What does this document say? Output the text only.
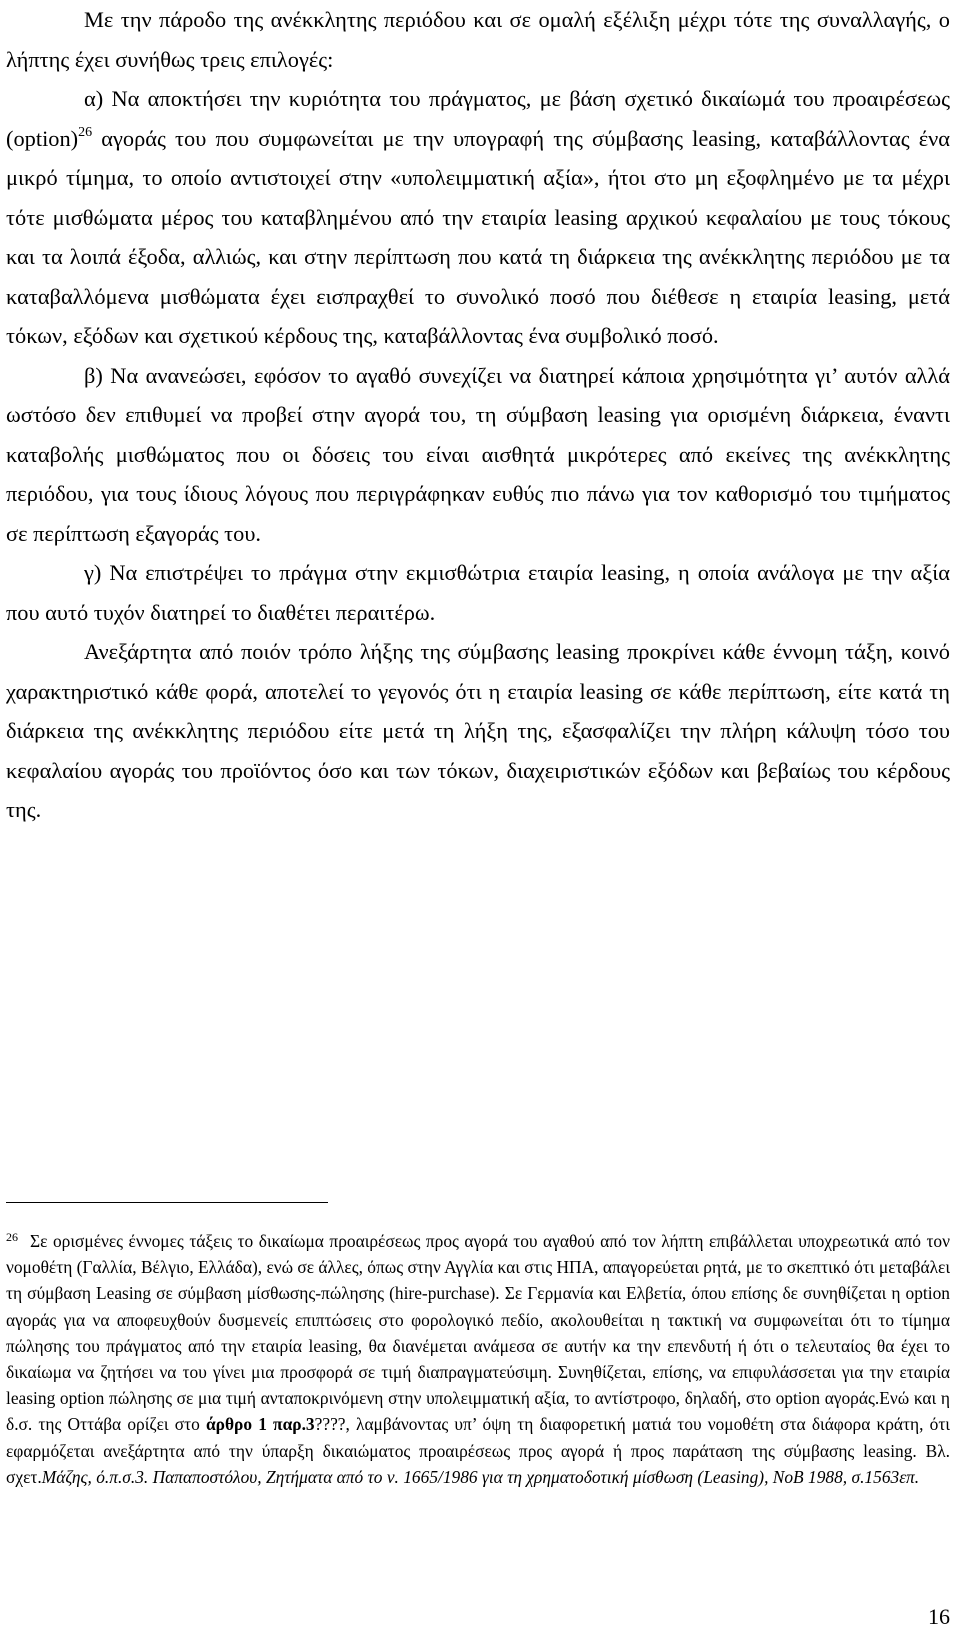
Με την πάροδο της ανέκκλητης περιόδου και σε ομαλή εξέλιξη μέχρι τότε της συναλλαγής, ο λήπτης έχει συνήθως τρεις επιλογές:

α) Να αποκτήσει την κυριότητα του πράγματος, με βάση σχετικό δικαίωμά του προαιρέσεως (option)$^{26}$ αγοράς του που συμφωνείται με την υπογραφή της σύμβασης leasing, καταβάλλοντας ένα μικρό τίμημα, το οποίο αντιστοιχεί στην «υπολειμματική αξία», ήτοι στο μη εξοφλημένο με τα μέχρι τότε μισθώματα μέρος του καταβλημένου από την εταιρία leasing αρχικού κεφαλαίου με τους τόκους και τα λοιπά έξοδα, αλλιώς, και στην περίπτωση που κατά τη διάρκεια της ανέκκλητης περιόδου με τα καταβαλλόμενα μισθώματα έχει εισπραχθεί το συνολικό ποσό που διέθεσε η εταιρία leasing, μετά τόκων, εξόδων και σχετικού κέρδους της, καταβάλλοντας ένα συμβολικό ποσό.

β) Να ανανεώσει, εφόσον το αγαθό συνεχίζει να διατηρεί κάποια χρησιμότητα γι’ αυτόν αλλά ωστόσο δεν επιθυμεί να προβεί στην αγορά του, τη σύμβαση leasing για ορισμένη διάρκεια, έναντι καταβολής μισθώματος που οι δόσεις του είναι αισθητά μικρότερες από εκείνες της ανέκκλητης περιόδου, για τους ίδιους λόγους που περιγράφηκαν ευθύς πιο πάνω για τον καθορισμό του τιμήματος σε περίπτωση εξαγοράς του.

γ) Να επιστρέψει το πράγμα στην εκμισθώτρια εταιρία leasing, η οποία ανάλογα με την αξία που αυτό τυχόν διατηρεί το διαθέτει περαιτέρω.

Ανεξάρτητα από ποιόν τρόπο λήξης της σύμβασης leasing προκρίνει κάθε έννομη τάξη, κοινό χαρακτηριστικό κάθε φορά, αποτελεί το γεγονός ότι η εταιρία leasing σε κάθε περίπτωση, είτε κατά τη διάρκεια της ανέκκλητης περιόδου είτε μετά τη λήξη της, εξασφαλίζει την πλήρη κάλυψη τόσο του κεφαλαίου αγοράς του προϊόντος όσο και των τόκων, διαχειριστικών εξόδων και βεβαίως του κέρδους της.

$^{26}$ Σε ορισμένες έννομες τάξεις το δικαίωμα προαιρέσεως προς αγορά του αγαθού από τον λήπτη επιβάλλεται υποχρεωτικά από τον νομοθέτη (Γαλλία, Βέλγιο, Ελλάδα), ενώ σε άλλες, όπως στην Αγγλία και στις ΗΠΑ, απαγορεύεται ρητά, με το σκεπτικό ότι μεταβάλει τη σύμβαση Leasing σε σύμβαση μίσθωσης-πώλησης (hire-purchase). Σε Γερμανία και Ελβετία, όπου επίσης δε συνηθίζεται η option αγοράς για να αποφευχθούν δυσμενείς επιπτώσεις στο φορολογικό πεδίο, ακολουθείται η τακτική να συμφωνείται ότι το τίμημα πώλησης του πράγματος από την εταιρία leasing, θα διανέμεται ανάμεσα σε αυτήν κα την επενδυτή ή ότι ο τελευταίος θα έχει το δικαίωμα να ζητήσει να του γίνει μια προσφορά σε τιμή διαπραγματεύσιμη. Συνηθίζεται, επίσης, να επιφυλάσσεται για την εταιρία leasing option πώλησης σε μια τιμή ανταποκρινόμενη στην υπολειμματική αξία, το αντίστροφο, δηλαδή, στο option αγοράς.Ενώ και η δ.σ. της Οττάβα ορίζει στο άρθρο 1 παρ.3????, λαμβάνοντας υπ’ όψη τη διαφορετική ματιά του νομοθέτη στα διάφορα κράτη, ότι εφαρμόζεται ανεξάρτητα από την ύπαρξη δικαιώματος προαιρέσεως προς αγορά ή προς παράταση της σύμβασης leasing. Βλ. σχετ.Μάζης, ό.π.σ.3. Παπαποστόλου, Ζητήματα από το ν. 1665/1986 για τη χρηματοδοτική μίσθωση (Leasing), ΝοΒ 1988, σ.1563επ.
16
